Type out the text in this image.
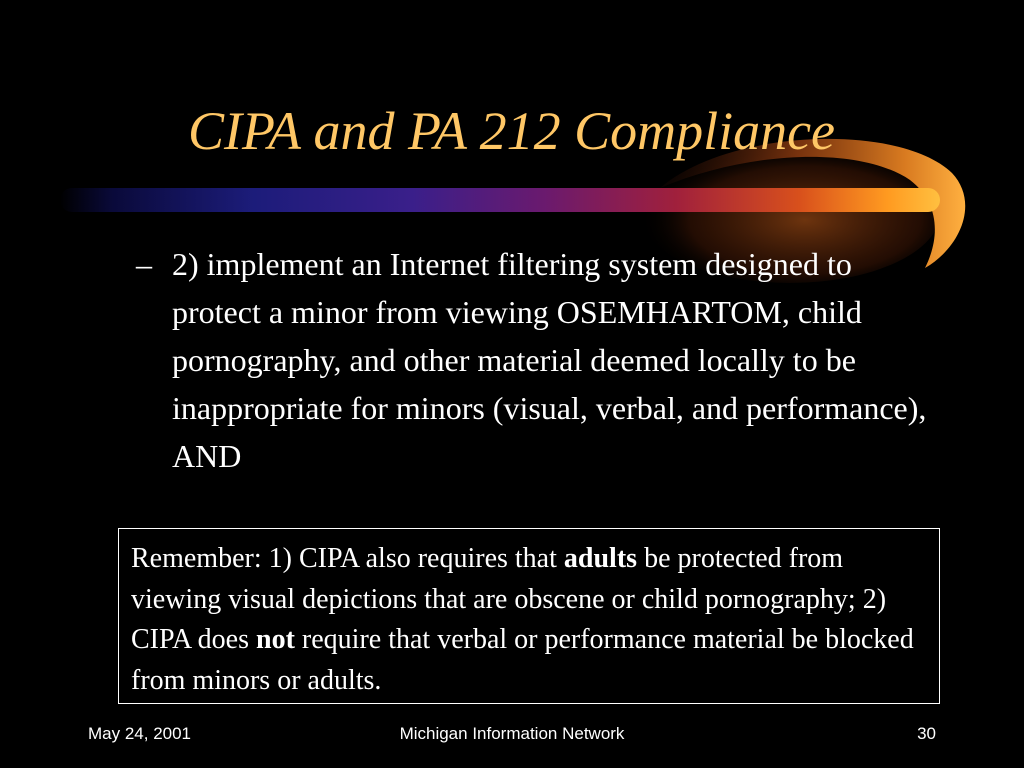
CIPA and PA 212 Compliance
– 2) implement an Internet filtering system designed to protect a minor from viewing OSEMHARTOM, child pornography, and other material deemed locally to be inappropriate for minors (visual, verbal, and performance), AND
Remember: 1) CIPA also requires that adults be protected from viewing visual depictions that are obscene or child pornography; 2) CIPA does not require that verbal or performance material be blocked from minors or adults.
May 24, 2001	Michigan Information Network	30
